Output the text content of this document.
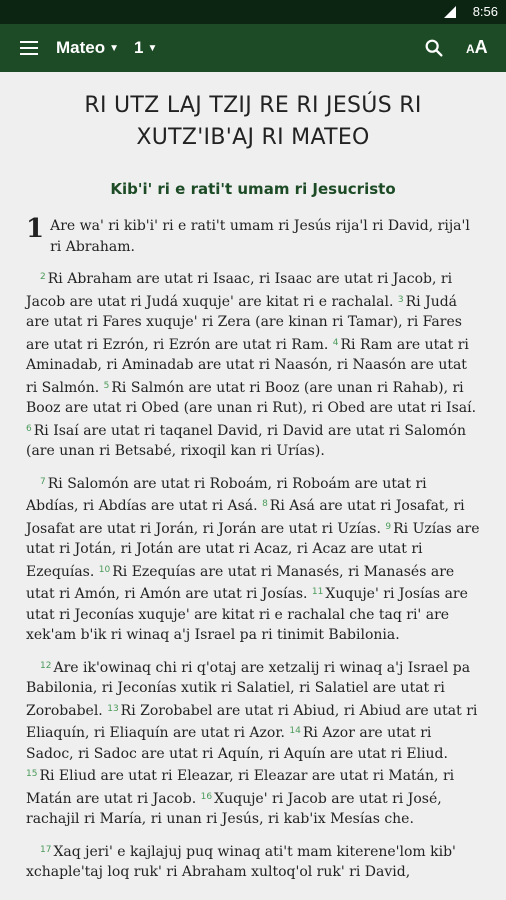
8:56
Mateo ▼ 1 ▼	AA
RI UTZ LAJ TZIJ RE RI JESÚS RI XUTZ'IB'AJ RI MATEO
Kib'i' ri e rati't umam ri Jesucristo
1 Are wa' ri kib'i' ri e rati't umam ri Jesús rija'l ri David, rija'l ri Abraham.
$^2$ Ri Abraham are utat ri Isaac, ri Isaac are utat ri Jacob, ri Jacob are utat ri Judá xuquje' are kitat ri e rachalal. $^3$ Ri Judá are utat ri Fares xuquje' ri Zera (are kinan ri Tamar), ri Fares are utat ri Ezrón, ri Ezrón are utat ri Ram. $^4$ Ri Ram are utat ri Aminadab, ri Aminadab are utat ri Naasón, ri Naasón are utat ri Salmón. $^5$ Ri Salmón are utat ri Booz (are unan ri Rahab), ri Booz are utat ri Obed (are unan ri Rut), ri Obed are utat ri Isaí. $^6$ Ri Isaí are utat ri taqanel David, ri David are utat ri Salomón (are unan ri Betsabé, rixoqil kan ri Urías).
$^7$ Ri Salomón are utat ri Roboám, ri Roboám are utat ri Abdías, ri Abdías are utat ri Asá. $^8$ Ri Asá are utat ri Josafat, ri Josafat are utat ri Jorán, ri Jorán are utat ri Uzías. $^9$ Ri Uzías are utat ri Jotán, ri Jotán are utat ri Acaz, ri Acaz are utat ri Ezequías. $^{10}$ Ri Ezequías are utat ri Manasés, ri Manasés are utat ri Amón, ri Amón are utat ri Josías. $^{11}$ Xuquje' ri Josías are utat ri Jeconías xuquje' are kitat ri e rachalal che taq ri' are xek'am b'ik ri winaq a'j Israel pa ri tinimit Babilonia.
$^{12}$ Are ik'owinaq chi ri q'otaj are xetzalij ri winaq a'j Israel pa Babilonia, ri Jeconías xutik ri Salatiel, ri Salatiel are utat ri Zorobabel. $^{13}$ Ri Zorobabel are utat ri Abiud, ri Abiud are utat ri Eliaquín, ri Eliaquín are utat ri Azor. $^{14}$ Ri Azor are utat ri Sadoc, ri Sadoc are utat ri Aquín, ri Aquín are utat ri Eliud. $^{15}$ Ri Eliud are utat ri Eleazar, ri Eleazar are utat ri Matán, ri Matán are utat ri Jacob. $^{16}$ Xuquje' ri Jacob are utat ri José, rachajil ri María, ri unan ri Jesús, ri kab'ix Mesías che.
$^{17}$ Xaq jeri' e kajlajuj puq winaq ati't mam kiterene'lom kib' xchaple'taj loq ruk' ri Abraham xultoq'ol ruk' ri David,
